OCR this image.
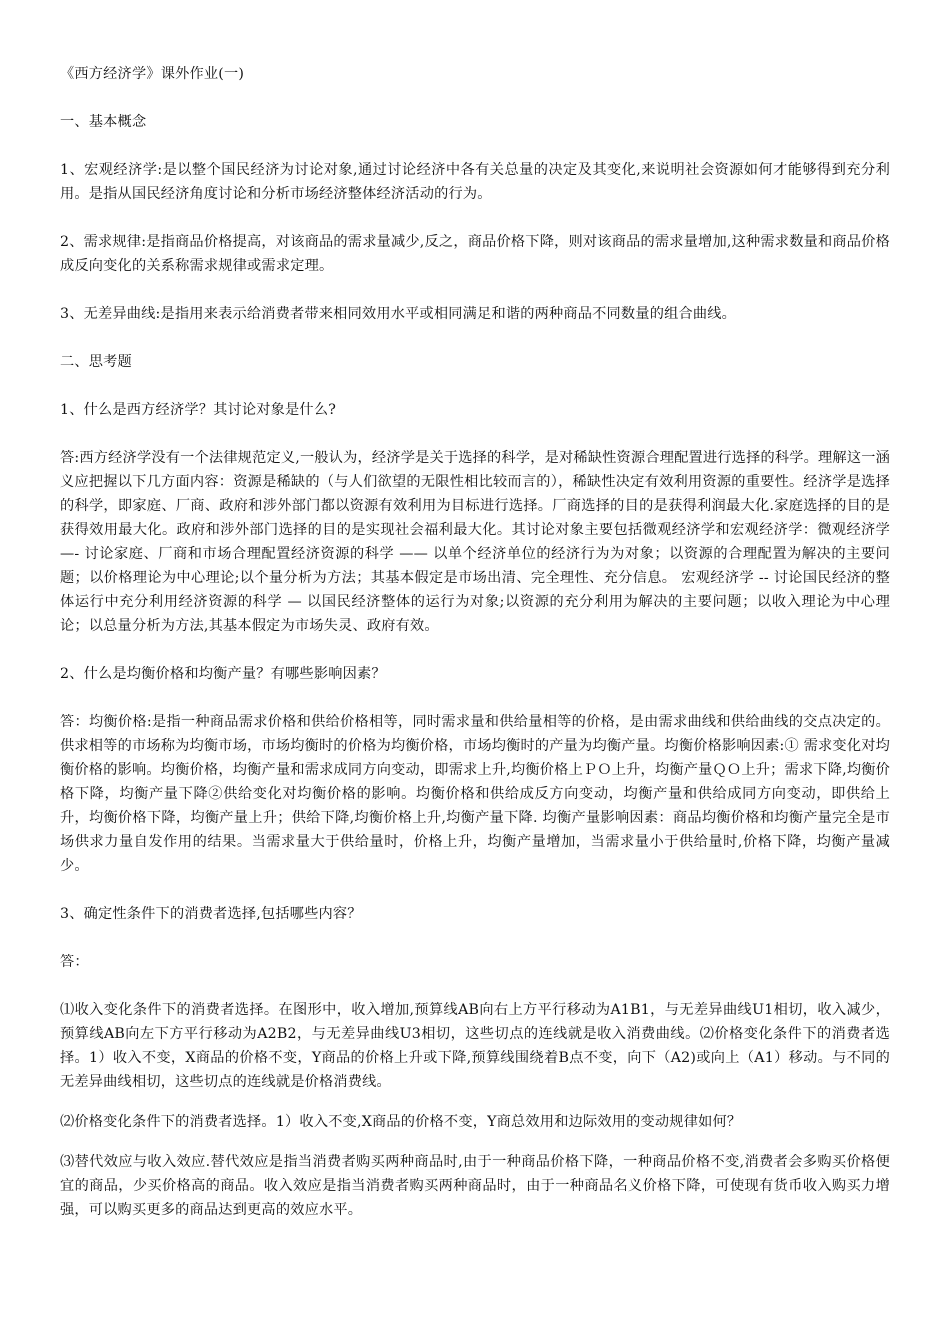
《西方经济学》课外作业(一)

一、基本概念

1、宏观经济学:是以整个国民经济为讨论对象,通过讨论经济中各有关总量的决定及其变化,来说明社会资源如何才能够得到充分利用。是指从国民经济角度讨论和分析市场经济整体经济活动的行为。

2、需求规律:是指商品价格提高，对该商品的需求量减少,反之，商品价格下降，则对该商品的需求量增加,这种需求数量和商品价格成反向变化的关系称需求规律或需求定理。

3、无差异曲线:是指用来表示给消费者带来相同效用水平或相同满足和谐的两种商品不同数量的组合曲线。

二、思考题

1、什么是西方经济学？其讨论对象是什么?

答:西方经济学没有一个法律规范定义,一般认为，经济学是关于选择的科学，是对稀缺性资源合理配置进行选择的科学。理解这一涵义应把握以下几方面内容：资源是稀缺的（与人们欲望的无限性相比较而言的），稀缺性决定有效利用资源的重要性。经济学是选择的科学，即家庭、厂商、政府和涉外部门都以资源有效利用为目标进行选择。厂商选择的目的是获得利润最大化.家庭选择的目的是获得效用最大化。政府和涉外部门选择的目的是实现社会福利最大化。其讨论对象主要包括微观经济学和宏观经济学：微观经济学 —- 讨论家庭、厂商和市场合理配置经济资源的科学 —— 以单个经济单位的经济行为为对象；以资源的合理配置为解决的主要问题；以价格理论为中心理论;以个量分析为方法；其基本假定是市场出清、完全理性、充分信息。 宏观经济学 -- 讨论国民经济的整体运行中充分利用经济资源的科学 — 以国民经济整体的运行为对象;以资源的充分利用为解决的主要问题；以收入理论为中心理论；以总量分析为方法,其基本假定为市场失灵、政府有效。

2、什么是均衡价格和均衡产量？有哪些影响因素？

答：均衡价格:是指一种商品需求价格和供给价格相等，同时需求量和供给量相等的价格，是由需求曲线和供给曲线的交点决定的。供求相等的市场称为均衡市场，市场均衡时的价格为均衡价格，市场均衡时的产量为均衡产量。均衡价格影响因素:① 需求变化对均衡价格的影响。均衡价格，均衡产量和需求成同方向变动，即需求上升,均衡价格上ＰＯ上升，均衡产量ＱＯ上升；需求下降,均衡价格下降，均衡产量下降②供给变化对均衡价格的影响。均衡价格和供给成反方向变动，均衡产量和供给成同方向变动，即供给上升，均衡价格下降，均衡产量上升；供给下降,均衡价格上升,均衡产量下降. 均衡产量影响因素：商品均衡价格和均衡产量完全是市场供求力量自发作用的结果。当需求量大于供给量时，价格上升，均衡产量增加，当需求量小于供给量时,价格下降，均衡产量减少。

3、确定性条件下的消费者选择,包括哪些内容？

答：

⑴收入变化条件下的消费者选择。在图形中，收入增加,预算线AB向右上方平行移动为A1B1，与无差异曲线U1相切，收入减少，预算线AB向左下方平行移动为A2B2，与无差异曲线U3相切，这些切点的连线就是收入消费曲线。⑵价格变化条件下的消费者选择。1）收入不变，X商品的价格不变，Y商品的价格上升或下降,预算线围绕着B点不变，向下（A2)或向上（A1）移动。与不同的无差异曲线相切，这些切点的连线就是价格消费线。

⑵价格变化条件下的消费者选择。1）收入不变,X商品的价格不变，Y商总效用和边际效用的变动规律如何？

⑶替代效应与收入效应.替代效应是指当消费者购买两种商品时,由于一种商品价格下降，一种商品价格不变,消费者会多购买价格便宜的商品，少买价格高的商品。收入效应是指当消费者购买两种商品时，由于一种商品名义价格下降，可使现有货币收入购买力增强，可以购买更多的商品达到更高的效应水平。
